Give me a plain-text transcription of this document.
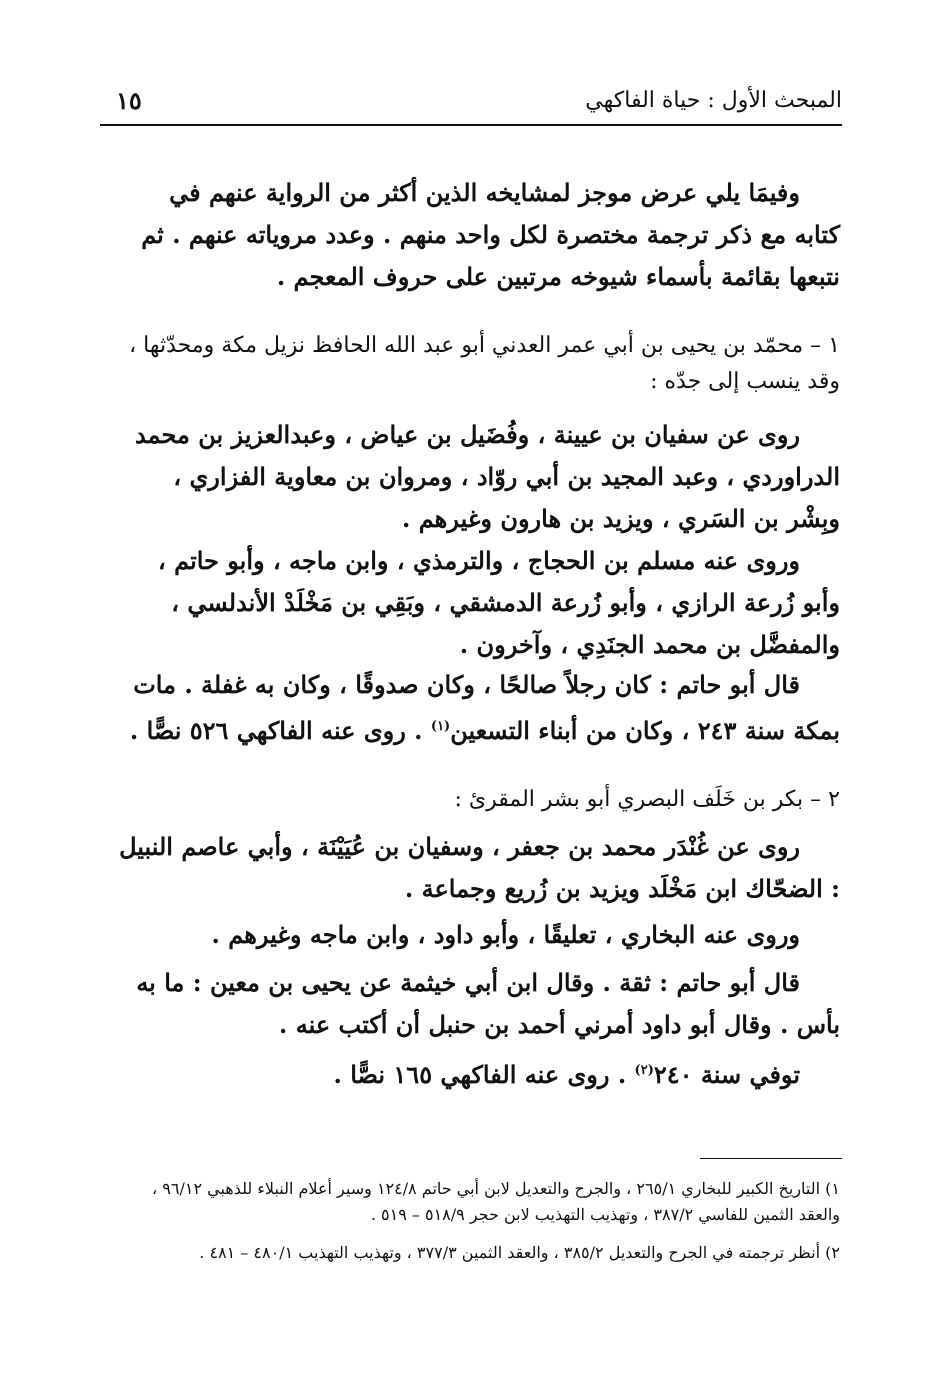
المبحث الأول : حياة الفاكهي
١٥
وفيمَا يلي عرض موجز لمشايخه الذين أكثر من الرواية عنهم في كتابه مع ذكر ترجمة مختصرة لكل واحد منهم . وعدد مروياته عنهم . ثم نتبعها بقائمة بأسماء شيوخه مرتبين على حروف المعجم .
١ – محمّد بن يحيى بن أبي عمر العدني أبو عبد الله الحافظ نزيل مكة ومحدّثها ، وقد ينسب إلى جدّه :
روى عن سفيان بن عيينة ، وفُضَيل بن عياض ، وعبدالعزيز بن محمد الدراوردي ، وعبد المجيد بن أبي روّاد ، ومروان بن معاوية الفزاري ، وبِشْر بن السَري ، ويزيد بن هارون وغيرهم .
وروى عنه مسلم بن الحجاج ، والترمذي ، وابن ماجه ، وأبو حاتم ، وأبو زُرعة الرازي ، وأبو زُرعة الدمشقي ، وبَقِي بن مَخْلَدْ الأندلسي ، والمفضَّل بن محمد الجنَدِي ، وآخرون .
قال أبو حاتم : كان رجلاً صالحًا ، وكان صدوقًا ، وكان به غفلة . مات بمكة سنة ٢٤٣ ، وكان من أبناء التسعين$^{(١)}$ . روى عنه الفاكهي ٥٢٦ نصًّا .
٢ – بكر بن خَلَف البصري أبو بشر المقرئ :
روى عن غُنْدَر محمد بن جعفر ، وسفيان بن عُيَيْنَة ، وأبي عاصم النبيل : الضحّاك ابن مَخْلَد ويزيد بن زُريع وجماعة .
وروى عنه البخاري ، تعليقًا ، وأبو داود ، وابن ماجه وغيرهم .
قال أبو حاتم : ثقة . وقال ابن أبي خيثمة عن يحيى بن معين : ما به بأس . وقال أبو داود أمرني أحمد بن حنبل أن أكتب عنه .
توفي سنة ٢٤٠$^{(٢)}$ . روى عنه الفاكهي ١٦٥ نصًّا .
١) التاريخ الكبير للبخاري ٢٦٥/١ ، والجرح والتعديل لابن أبي حاتم ١٢٤/٨ وسير أعلام النبلاء للذهبي ٩٦/١٢ ، والعقد الثمين للفاسي ٣٨٧/٢ ، وتهذيب التهذيب لابن حجر ٥١٨/٩ – ٥١٩ .
٢) أنظر ترجمته في الجرح والتعديل ٣٨٥/٢ ، والعقد الثمين ٣٧٧/٣ ، وتهذيب التهذيب ٤٨٠/١ – ٤٨١ .
